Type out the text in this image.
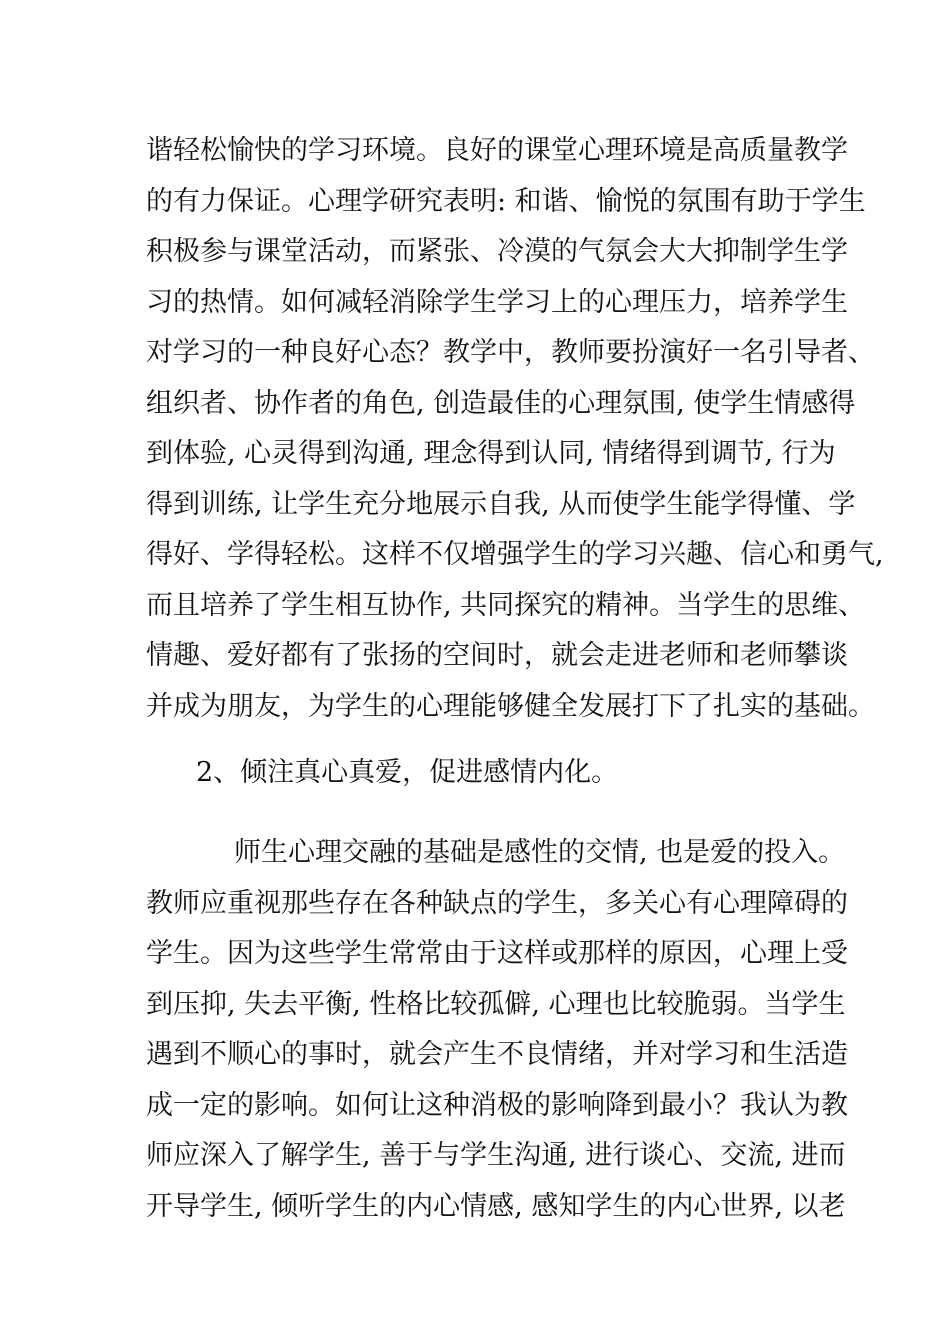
谐轻松愉快的学习环境。良好的课堂心理环境是高质量教学
的有力保证。心理学研究表明: 和谐、愉悦的氛围有助于学生
积极参与课堂活动，而紧张、冷漠的气氛会大大抑制学生学
习的热情。如何减轻消除学生学习上的心理压力，培养学生
对学习的一种良好心态？教学中，教师要扮演好一名引导者、
组织者、协作者的角色, 创造最佳的心理氛围, 使学生情感得
到体验, 心灵得到沟通, 理念得到认同, 情绪得到调节, 行为
得到训练, 让学生充分地展示自我, 从而使学生能学得懂、学
得好、学得轻松。这样不仅增强学生的学习兴趣、信心和勇气,
而且培养了学生相互协作, 共同探究的精神。当学生的思维、
情趣、爱好都有了张扬的空间时，就会走进老师和老师攀谈
并成为朋友，为学生的心理能够健全发展打下了扎实的基础。
2、倾注真心真爱，促进感情内化。
师生心理交融的基础是感性的交情, 也是爱的投入。
教师应重视那些存在各种缺点的学生，多关心有心理障碍的
学生。因为这些学生常常由于这样或那样的原因，心理上受
到压抑, 失去平衡, 性格比较孤僻, 心理也比较脆弱。当学生
遇到不顺心的事时，就会产生不良情绪，并对学习和生活造
成一定的影响。如何让这种消极的影响降到最小？我认为教
师应深入了解学生, 善于与学生沟通, 进行谈心、交流, 进而
开导学生, 倾听学生的内心情感, 感知学生的内心世界, 以老
